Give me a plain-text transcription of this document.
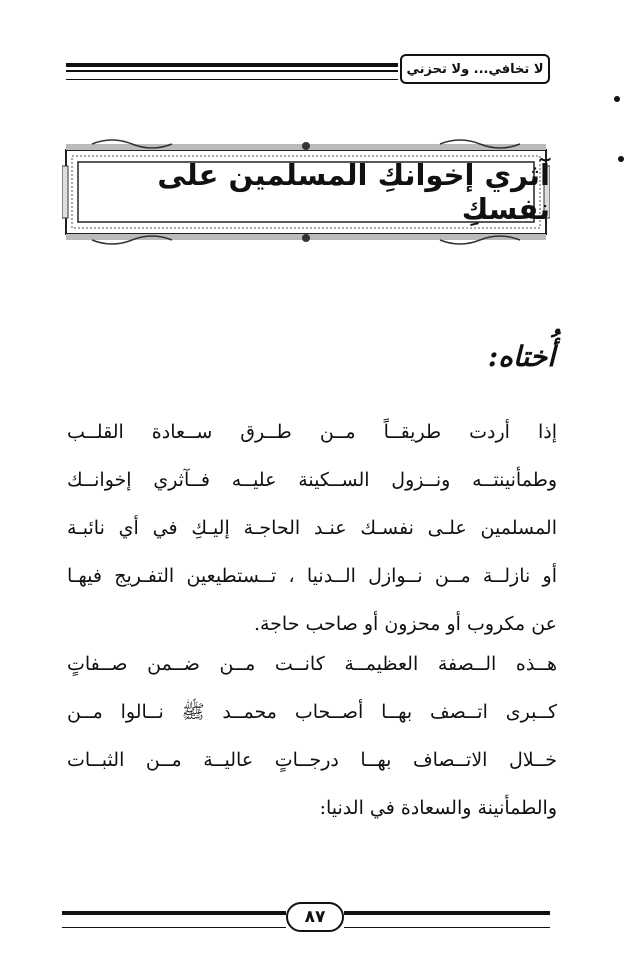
لا تخافي... ولا تحزني
آثري إخوانكِ المسلمين على نفسكِ
أُختاه:
إذا أردت طريقــاً مــن طــرق ســعادة القلــب
وطمأنينتــه ونــزول الســكينة عليــه فــآثري إخوانــك
المسلمين علـى نفسـك عنـد الحاجـة إليـكِ في أي نائبـة
أو نازلــة مــن نــوازل الــدنيا ، تــستطيعين التفـريج فيهـا
عن مكروب أو محزون أو صاحب حاجة.
هــذه الــصفة العظيمــة كانــت مــن ضــمن صــفاتٍ
كــبرى اتــصف بهــا أصــحاب محمــد ﷺ نــالوا مــن
خــلال الاتــصاف بهــا درجــاتٍ عاليــة مــن الثبــات
والطمأنينة والسعادة في الدنيا:
٨٧
